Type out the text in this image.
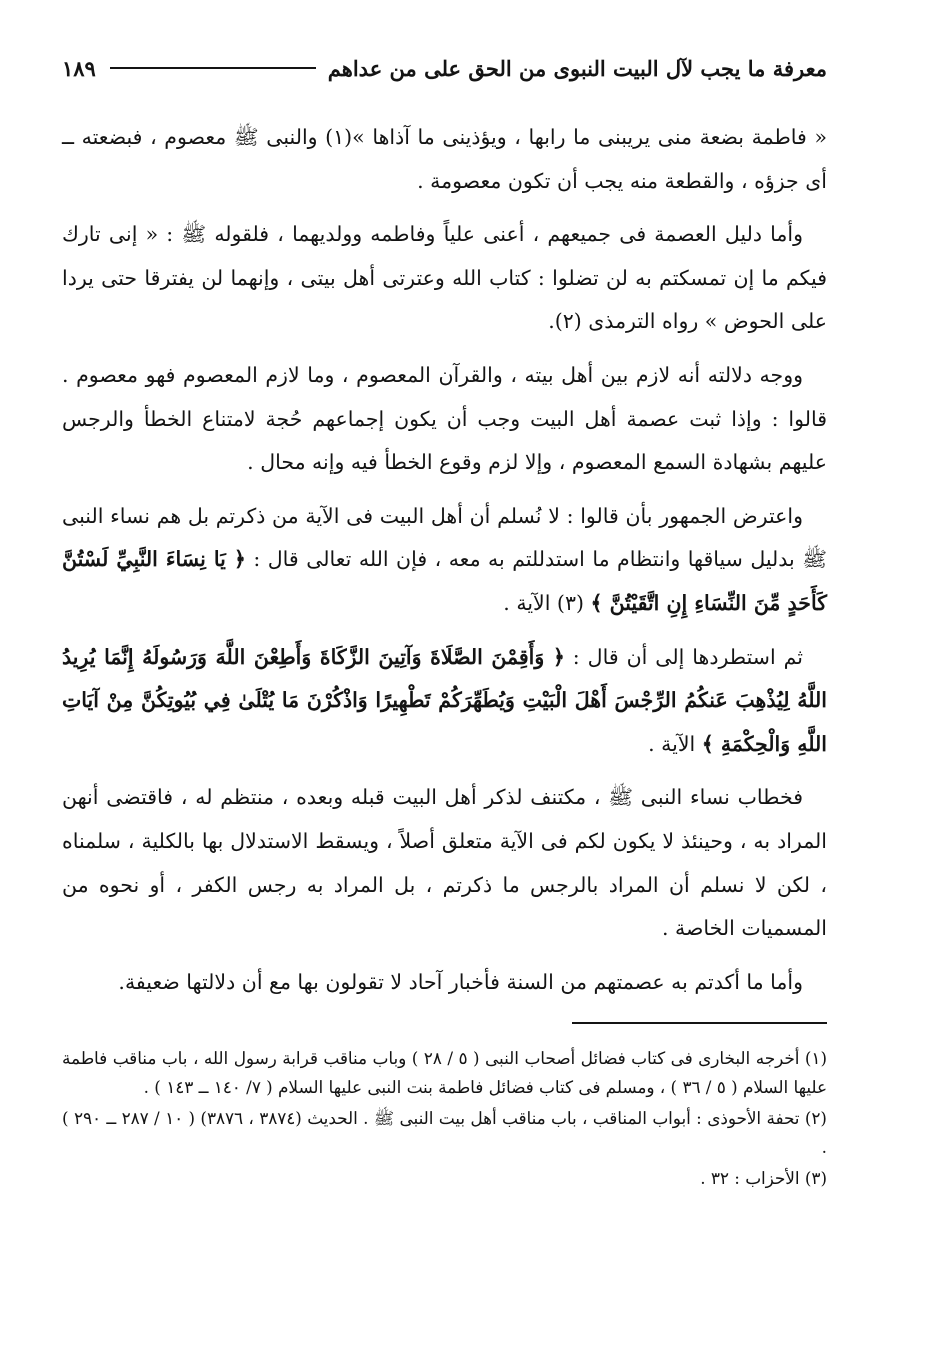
معرفة ما يجب لآل البيت النبوى من الحق على من عداهم
١٨٩

« فاطمة بضعة منى يريبنى ما رابها ، ويؤذينى ما آذاها »(١) والنبى ﷺ معصوم ، فبضعته ــ أى جزؤه ، والقطعة منه يجب أن تكون معصومة .

وأما دليل العصمة فى جميعهم ، أعنى علياً وفاطمه وولديهما ، فلقوله ﷺ : « إنى تارك فيكم ما إن تمسكتم به لن تضلوا : كتاب الله وعترتى أهل بيتى ، وإنهما لن يفترقا حتى يردا على الحوض » رواه الترمذى (٢).

ووجه دلالته أنه لازم بين أهل بيته ، والقرآن المعصوم ، وما لازم المعصوم فهو معصوم . قالوا : وإذا ثبت عصمة أهل البيت وجب أن يكون إجماعهم حُجة لامتناع الخطأ والرجس عليهم بشهادة السمع المعصوم ، وإلا لزم وقوع الخطأ فيه وإنه محال .

واعترض الجمهور بأن قالوا : لا نُسلم أن أهل البيت فى الآية من ذكرتم بل هم نساء النبى ﷺ بدليل سياقها وانتظام ما استدللتم به معه ، فإن الله تعالى قال : ﴿ يَا نِسَاءَ النَّبِيِّ لَسْتُنَّ كَأَحَدٍ مِّنَ النِّسَاءِ إِنِ اتَّقَيْتُنَّ ﴾ (٣) الآية .

ثم استطردها إلى أن قال : ﴿ وَأَقِمْنَ الصَّلَاةَ وَآتِينَ الزَّكَاةَ وَأَطِعْنَ اللَّهَ وَرَسُولَهُ إِنَّمَا يُرِيدُ اللَّهُ لِيُذْهِبَ عَنكُمُ الرِّجْسَ أَهْلَ الْبَيْتِ وَيُطَهِّرَكُمْ تَطْهِيرًا وَاذْكُرْنَ مَا يُتْلَىٰ فِي بُيُوتِكُنَّ مِنْ آيَاتِ اللَّهِ وَالْحِكْمَةِ ﴾ الآية .

فخطاب نساء النبى ﷺ ، مكتنف لذكر أهل البيت قبله وبعده ، منتظم له ، فاقتضى أنهن المراد به ، وحينئذ لا يكون لكم فى الآية متعلق أصلاً ، ويسقط الاستدلال بها بالكلية ، سلمناه ، لكن لا نسلم أن المراد بالرجس ما ذكرتم ، بل المراد به رجس الكفر ، أو نحوه من المسميات الخاصة .

وأما ما أكدتم به عصمتهم من السنة فأخبار آحاد لا تقولون بها مع أن دلالتها ضعيفة.

(١) أخرجه البخارى فى كتاب فضائل أصحاب النبى ( ٥ / ٢٨ ) وباب مناقب قرابة رسول الله ، باب مناقب فاطمة عليها السلام ( ٥ / ٣٦ ) ، ومسلم فى كتاب فضائل فاطمة بنت النبى عليها السلام ( ٧/ ١٤٠ ــ ١٤٣ ) .

(٢) تحفة الأحوذى : أبواب المناقب ، باب مناقب أهل بيت النبى ﷺ . الحديث (٣٨٧٤ ، ٣٨٧٦) ( ١٠ / ٢٨٧ ــ ٢٩٠ ) .

(٣) الأحزاب : ٣٢ .
